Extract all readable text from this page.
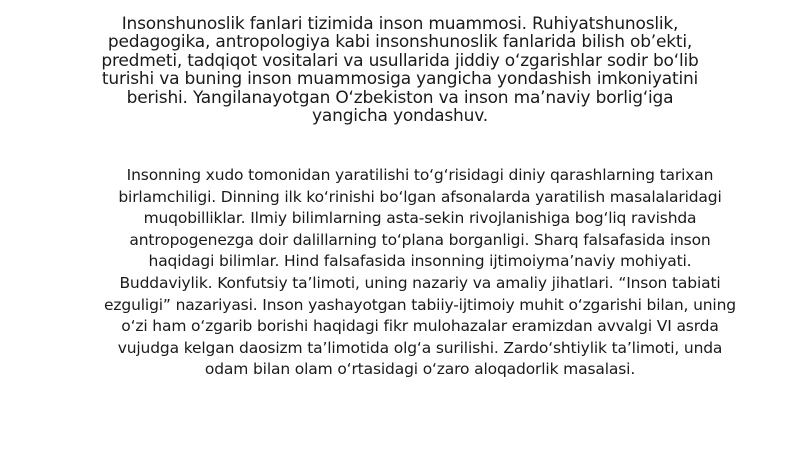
Insonshunoslik fanlari tizimida inson muammosi. Ruhiyatshunoslik, pedagogika, antropologiya kabi insonshunoslik fanlarida bilish ob’ekti, predmeti, tadqiqot vositalari va usullarida jiddiy o‘zgarishlar sodir bo‘lib turishi va buning inson muammosiga yangicha yondashish imkoniyatini berishi. Yangilanayotgan O‘zbekiston va inson ma’naviy borlig‘iga yangicha yondashuv.

Insonning xudo tomonidan yaratilishi to‘g‘risidagi diniy qarashlarning tarixan birlamchiligi. Dinning ilk ko‘rinishi bo‘lgan afsonalarda yaratilish masalalaridagi muqobilliklar. Ilmiy bilimlarning asta-sekin rivojlanishiga bog‘liq ravishda antropogenezga doir dalillarning to‘plana borganligi. Sharq falsafasida inson haqidagi bilimlar. Hind falsafasida insonning ijtimoiyma’naviy mohiyati. Buddaviylik. Konfutsiy ta’limoti, uning nazariy va amaliy jihatlari. “Inson tabiati ezguligi” nazariyasi. Inson yashayotgan tabiiy-ijtimoiy muhit o‘zgarishi bilan, uning o‘zi ham o‘zgarib borishi haqidagi fikr mulohazalar eramizdan avvalgi VI asrda vujudga kelgan daosizm ta’limotida olg‘a surilishi. Zardo‘shtiylik ta’limoti, unda odam bilan olam o‘rtasidagi o‘zaro aloqadorlik masalasi.
